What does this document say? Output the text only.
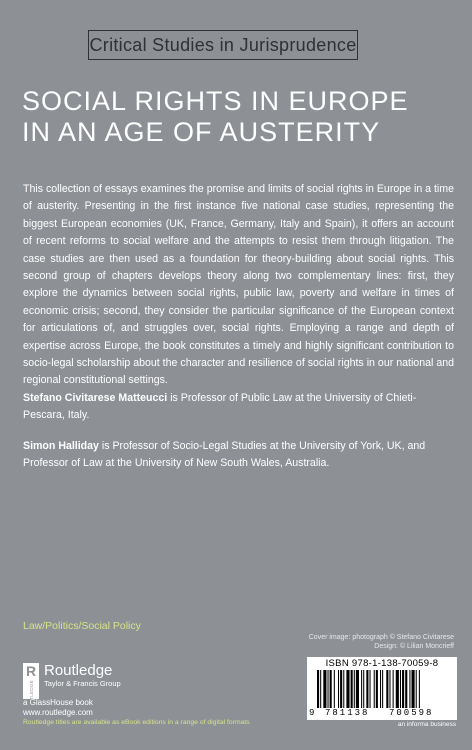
Critical Studies in Jurisprudence
SOCIAL RIGHTS IN EUROPE
IN AN AGE OF AUSTERITY
This collection of essays examines the promise and limits of social rights in Europe in a time of austerity. Presenting in the first instance five national case studies, representing the biggest European economies (UK, France, Germany, Italy and Spain), it offers an account of recent reforms to social welfare and the attempts to resist them through litigation. The case studies are then used as a foundation for theory-building about social rights. This second group of chapters develops theory along two complementary lines: first, they explore the dynamics between social rights, public law, poverty and welfare in times of economic crisis; second, they consider the particular significance of the European context for articulations of, and struggles over, social rights. Employing a range and depth of expertise across Europe, the book constitutes a timely and highly significant contribution to socio-legal scholarship about the character and resilience of social rights in our national and regional constitutional settings.
Stefano Civitarese Matteucci is Professor of Public Law at the University of Chieti-Pescara, Italy.
Simon Halliday is Professor of Socio-Legal Studies at the University of York, UK, and Professor of Law at the University of New South Wales, Australia.
Law/Politics/Social Policy
Cover image: photograph © Stefano Civitarese
Design: © Lilian Moncrieff
R
ROUTLEDGE
Routledge
Taylor & Francis Group
a GlassHouse book
www.routledge.com
Routledge titles are available as eBook editions in a range of digital formats
ISBN 978-1-138-70059-8
9 781138 700598
an informa business
